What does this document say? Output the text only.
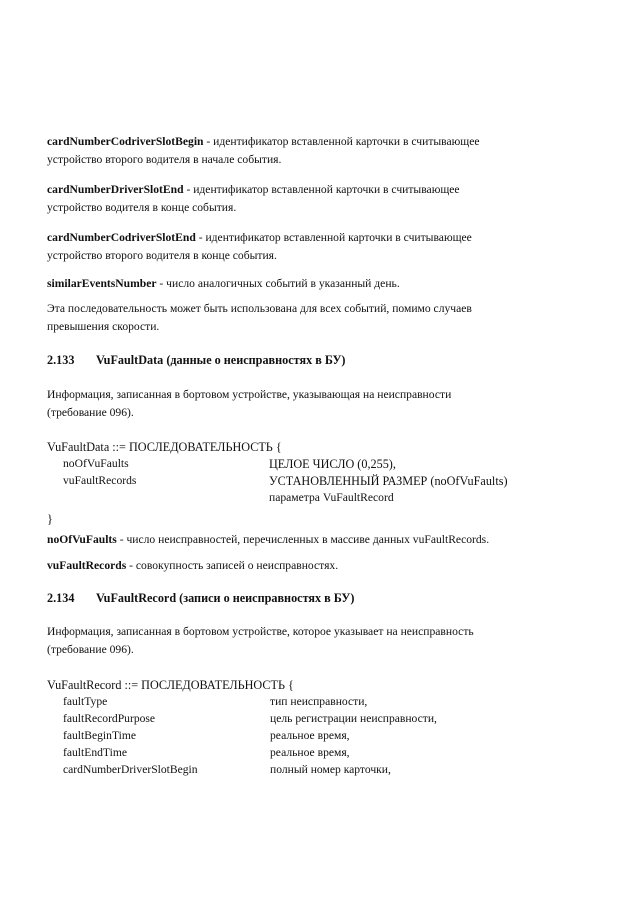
cardNumberCodriverSlotBegin - идентификатор вставленной карточки в считывающее
устройство второго водителя в начале события.
cardNumberDriverSlotEnd - идентификатор вставленной карточки в считывающее
устройство водителя в конце события.
cardNumberCodriverSlotEnd - идентификатор вставленной карточки в считывающее
устройство второго водителя в конце события.
similarEventsNumber - число аналогичных событий в указанный день.
Эта последовательность может быть использована для всех событий, помимо случаев
превышения скорости.
2.133 VuFaultData (данные о неисправностях в БУ)
Информация, записанная в бортовом устройстве, указывающая на неисправности
(требование 096).
VuFaultData ::= ПОСЛЕДОВАТЕЛЬНОСТЬ {
noOfVuFaults	ЦЕЛОЕ ЧИСЛО (0,255),
vuFaultRecords	УСТАНОВЛЕННЫЙ РАЗМЕР (noOfVuFaults)
параметра VuFaultRecord
}
noOfVuFaults - число неисправностей, перечисленных в массиве данных vuFaultRecords.
vuFaultRecords - совокупность записей о неисправностях.
2.134 VuFaultRecord (записи о неисправностях в БУ)
Информация, записанная в бортовом устройстве, которое указывает на неисправность
(требование 096).
VuFaultRecord ::= ПОСЛЕДОВАТЕЛЬНОСТЬ {
faultType	тип неисправности,
faultRecordPurpose	цель регистрации неисправности,
faultBeginTime	реальное время,
faultEndTime	реальное время,
cardNumberDriverSlotBegin	полный номер карточки,
